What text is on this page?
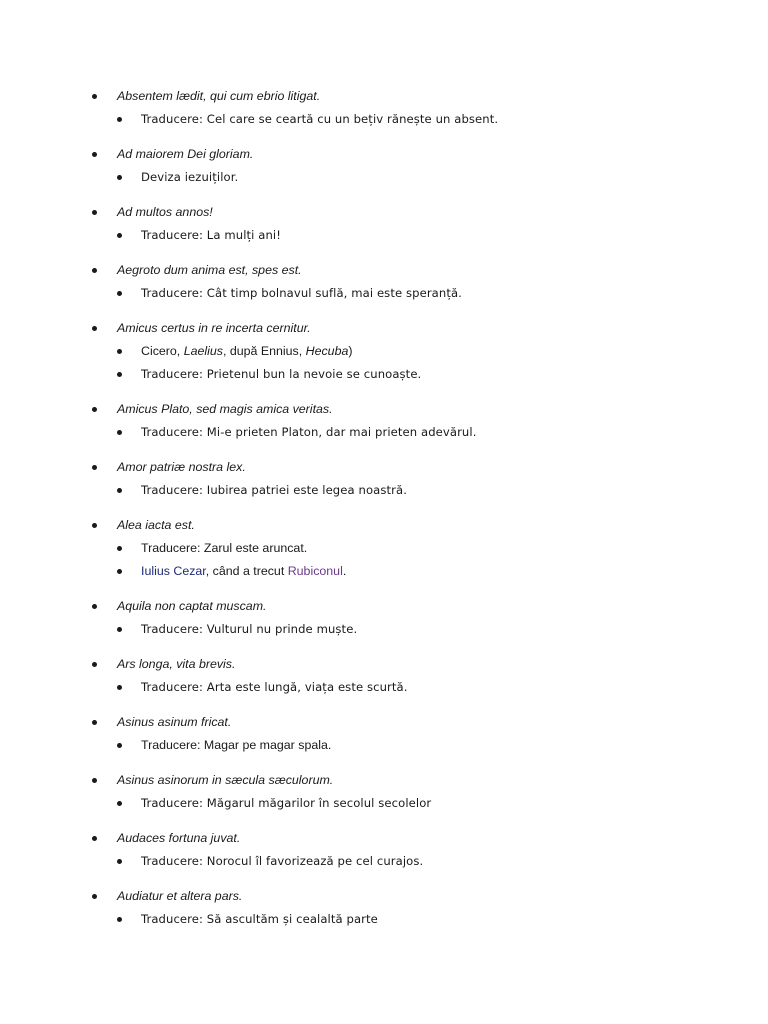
Absentem lædit, qui cum ebrio litigat.
Traducere: Cel care se ceartă cu un bețiv rănește un absent.
Ad maiorem Dei gloriam.
Deviza iezuiților.
Ad multos annos!
Traducere: La mulți ani!
Aegroto dum anima est, spes est.
Traducere: Cât timp bolnavul suflă, mai este speranță.
Amicus certus in re incerta cernitur.
Cicero, Laelius, după Ennius, Hecuba)
Traducere: Prietenul bun la nevoie se cunoaște.
Amicus Plato, sed magis amica veritas.
Traducere: Mi-e prieten Platon, dar mai prieten adevărul.
Amor patriæ nostra lex.
Traducere: Iubirea patriei este legea noastră.
Alea iacta est.
Traducere: Zarul este aruncat.
Iulius Cezar, când a trecut Rubiconul.
Aquila non captat muscam.
Traducere: Vulturul nu prinde muște.
Ars longa, vita brevis.
Traducere: Arta este lungă, viața este scurtă.
Asinus asinum fricat.
Traducere: Magar pe magar spala.
Asinus asinorum in sæcula sæculorum.
Traducere: Măgarul măgarilor în secolul secolelor
Audaces fortuna juvat.
Traducere: Norocul îl favorizează pe cel curajos.
Audiatur et altera pars.
Traducere: Să ascultăm și cealaltă parte
